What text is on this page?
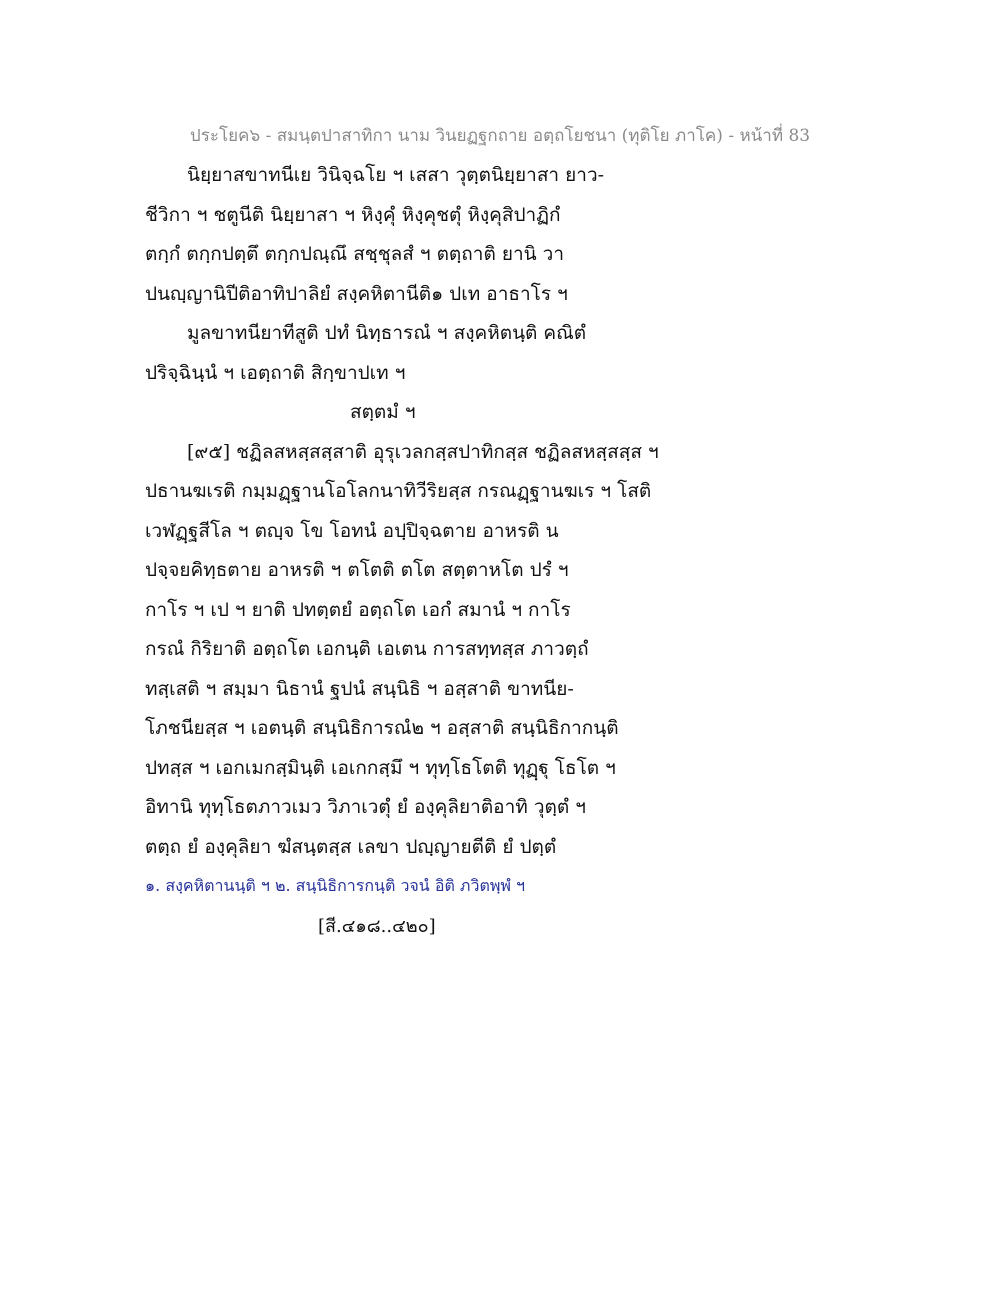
ประโยค๖ - สมนฺตปาสาทิกา นาม วินยฏฐกถาย อตฺถโยชนา (ทุติโย ภาโค) - หน้าที่ 83
นิยฺยาสขาทนีเย วินิจฺฉโย ฯ เสสา วุตฺตนิยฺยาสา ยาว-
ชีวิกา ฯ ชตูนีติ นิยฺยาสา ฯ หิงฺคุํ หิงฺคุชตุํ หิงฺคุสิปาฏิกํ
ตกฺกํ ตกฺกปตฺตึ ตกฺกปณฺณึ สชฺชุลสํ ฯ ตตฺถาติ ยานิ วา
ปนญฺญานิปีติอาทิปาลิยํ สงฺคหิตานีติ๑ ปเท อาธาโร ฯ
มูลขาทนียาทีสูติ ปทํ นิทฺธารณํ ฯ สงฺคหิตนฺติ คณิตํ
ปริจฺฉินฺนํ ฯ เอตฺถาติ สิกฺขาปเท ฯ
สตฺตมํ ฯ
[๙๕] ชฏิลสหสฺสสฺสาติ อุรุเวลกสฺสปาทิกสฺส ชฏิลสหสฺสสฺส ฯ
ปธานฆเรติ กมฺมฏฺฐานโอโลกนาทิวีริยสฺส กรณฏฺฐานฆเร ฯ โสติ
เวฬฏฺฐสีโล ฯ ตญฺจ โข โอทนํ อปฺปิจฺฉตาย อาหรติ น
ปจฺจยคิทฺธตาย อาหรติ ฯ ตโตติ ตโต สตฺตาหโต ปรํ ฯ
กาโร ฯ เป ฯ ยาติ ปทตฺตยํ อตฺถโต เอกํ สมานํ ฯ กาโร
กรณํ กิริยาติ อตฺถโต เอกนฺติ เอเตน การสทฺทสฺส ภาวตฺถํ
ทสฺเสติ ฯ สมฺมา นิธานํ ฐปนํ สนฺนิธิ ฯ อสฺสาติ ขาทนีย-
โภชนียสฺส ฯ เอตนฺติ สนฺนิธิการณํ๒ ฯ อสฺสาติ สนฺนิธิกากนฺติ
ปทสฺส ฯ เอกเมกสฺมินฺติ เอเกกสฺมึ ฯ ทุทฺโธโตติ ทุฏฺฐุ โธโต ฯ
อิทานิ ทุทฺโธตภาวเมว วิภาเวตุํ ยํ องฺคุลิยาติอาทิ วุตฺตํ ฯ
ตตฺถ ยํ องฺคุลิยา ฆํสนฺตสฺส เลขา ปญฺญายตีติ ยํ ปตฺตํ
๑. สงฺคหิตานนฺติ ฯ ๒. สนฺนิธิการกนฺติ วจนํ อิติ ภวิตพฺพํ ฯ
[สี.๔๑๘..๔๒๐]
